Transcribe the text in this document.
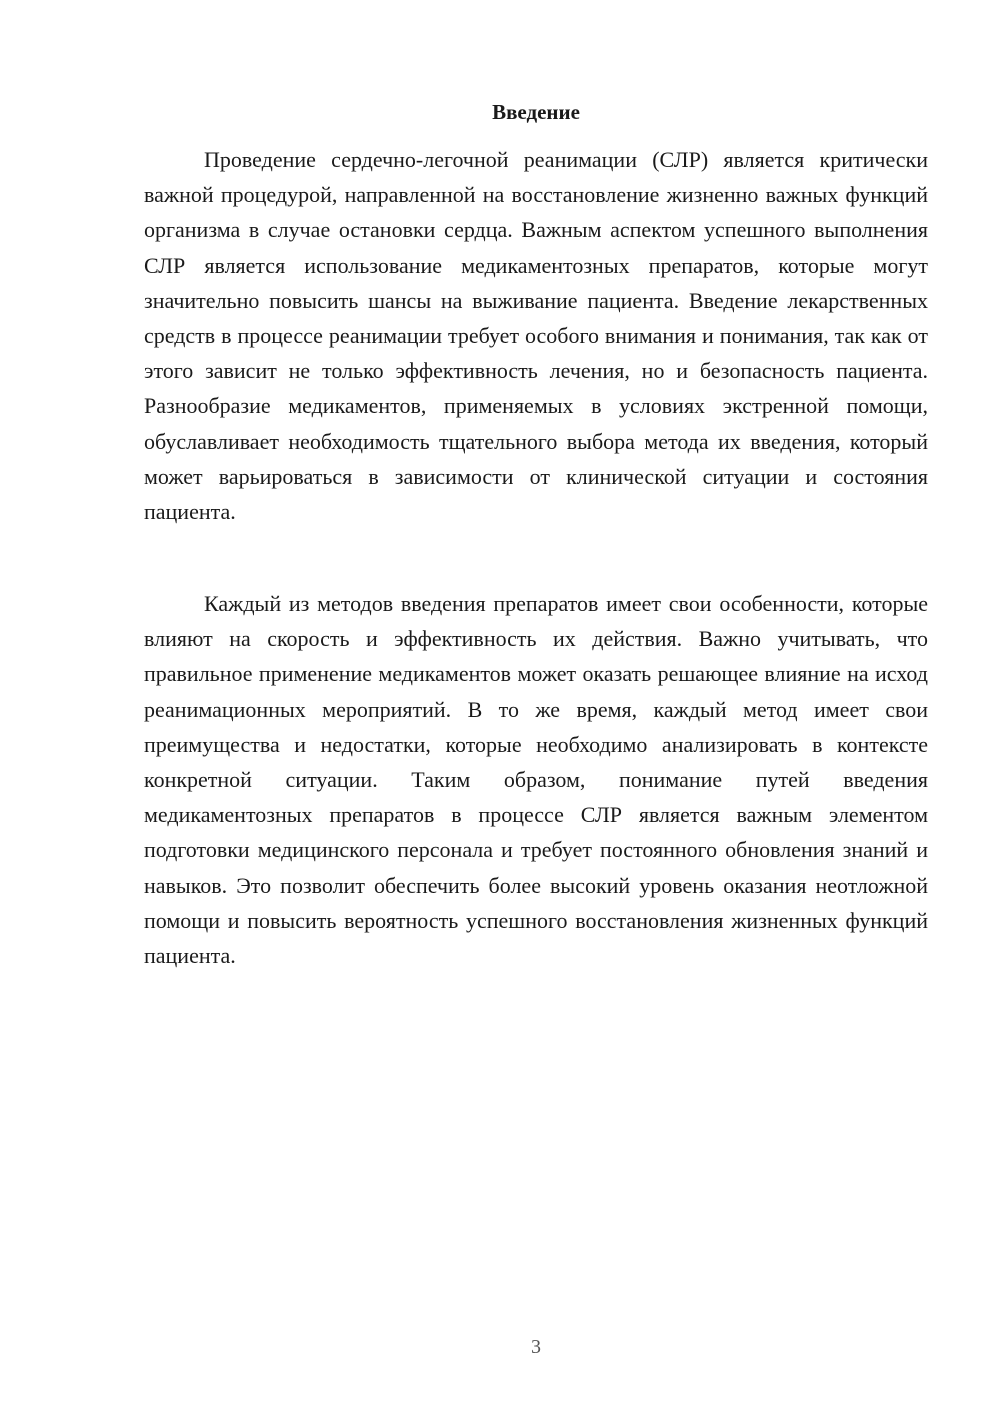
Введение

Проведение сердечно-легочной реанимации (СЛР) является критически важной процедурой, направленной на восстановление жизненно важных функций организма в случае остановки сердца. Важным аспектом успешного выполнения СЛР является использование медикаментозных препаратов, которые могут значительно повысить шансы на выживание пациента. Введение лекарственных средств в процессе реанимации требует особого внимания и понимания, так как от этого зависит не только эффективность лечения, но и безопасность пациента. Разнообразие медикаментов, применяемых в условиях экстренной помощи, обуславливает необходимость тщательного выбора метода их введения, который может варьироваться в зависимости от клинической ситуации и состояния пациента.

Каждый из методов введения препаратов имеет свои особенности, которые влияют на скорость и эффективность их действия. Важно учитывать, что правильное применение медикаментов может оказать решающее влияние на исход реанимационных мероприятий. В то же время, каждый метод имеет свои преимущества и недостатки, которые необходимо анализировать в контексте конкретной ситуации. Таким образом, понимание путей введения медикаментозных препаратов в процессе СЛР является важным элементом подготовки медицинского персонала и требует постоянного обновления знаний и навыков. Это позволит обеспечить более высокий уровень оказания неотложной помощи и повысить вероятность успешного восстановления жизненных функций пациента.

3
